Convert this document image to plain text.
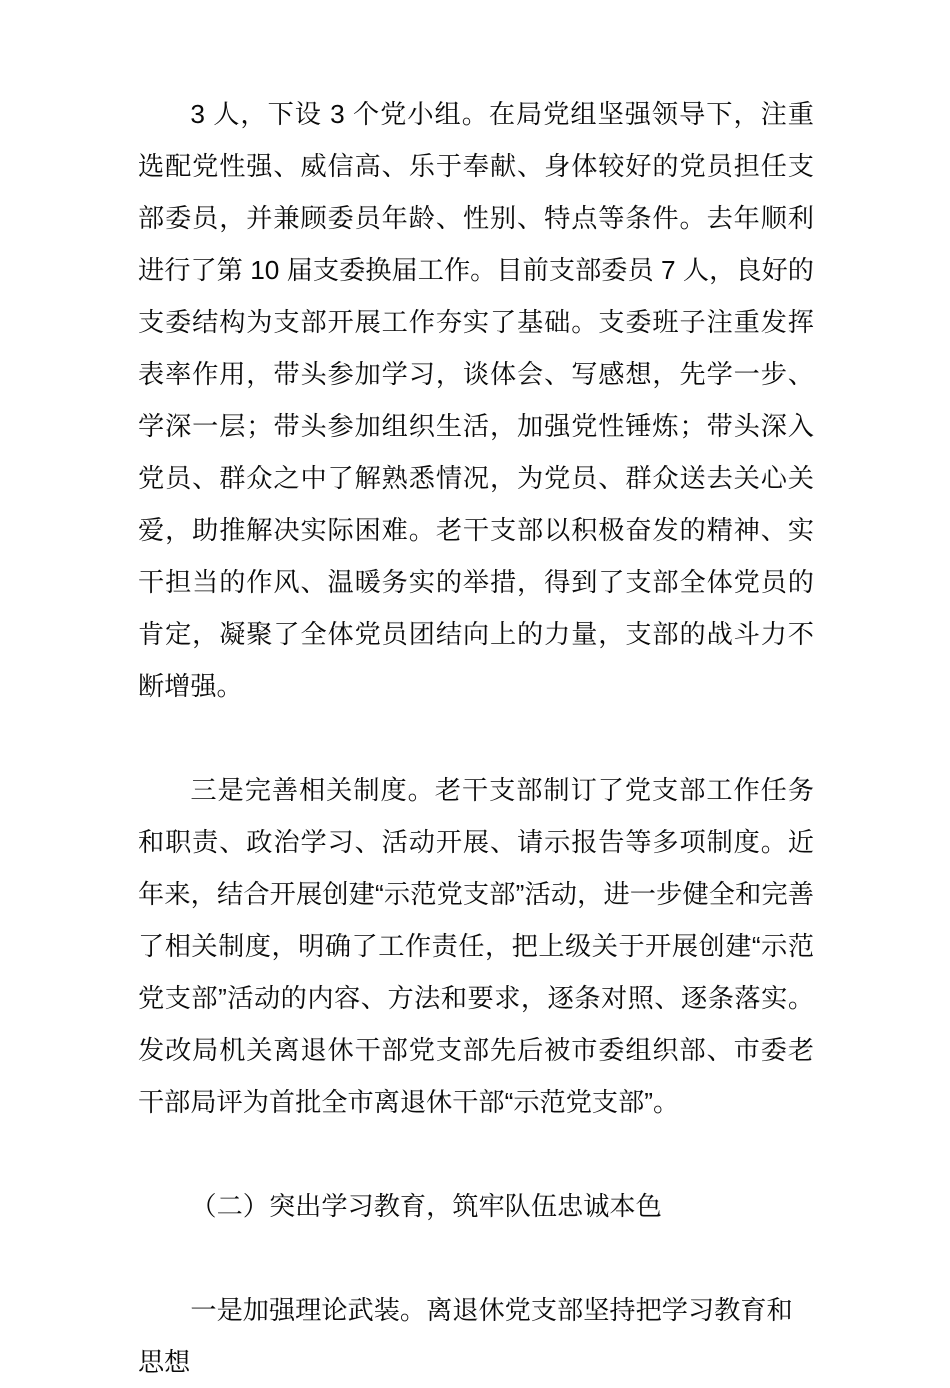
3 人，下设 3 个党小组。在局党组坚强领导下，注重选配党性强、威信高、乐于奉献、身体较好的党员担任支部委员，并兼顾委员年龄、性别、特点等条件。去年顺利进行了第 10 届支委换届工作。目前支部委员 7 人，良好的支委结构为支部开展工作夯实了基础。支委班子注重发挥表率作用，带头参加学习，谈体会、写感想，先学一步、学深一层；带头参加组织生活，加强党性锤炼；带头深入党员、群众之中了解熟悉情况，为党员、群众送去关心关爱，助推解决实际困难。老干支部以积极奋发的精神、实干担当的作风、温暖务实的举措，得到了支部全体党员的肯定，凝聚了全体党员团结向上的力量，支部的战斗力不断增强。

三是完善相关制度。老干支部制订了党支部工作任务和职责、政治学习、活动开展、请示报告等多项制度。近年来，结合开展创建“示范党支部”活动，进一步健全和完善了相关制度，明确了工作责任，把上级关于开展创建“示范党支部”活动的内容、方法和要求，逐条对照、逐条落实。发改局机关离退休干部党支部先后被市委组织部、市委老干部局评为首批全市离退休干部“示范党支部”。

（二）突出学习教育，筑牢队伍忠诚本色

一是加强理论武装。离退休党支部坚持把学习教育和思想
